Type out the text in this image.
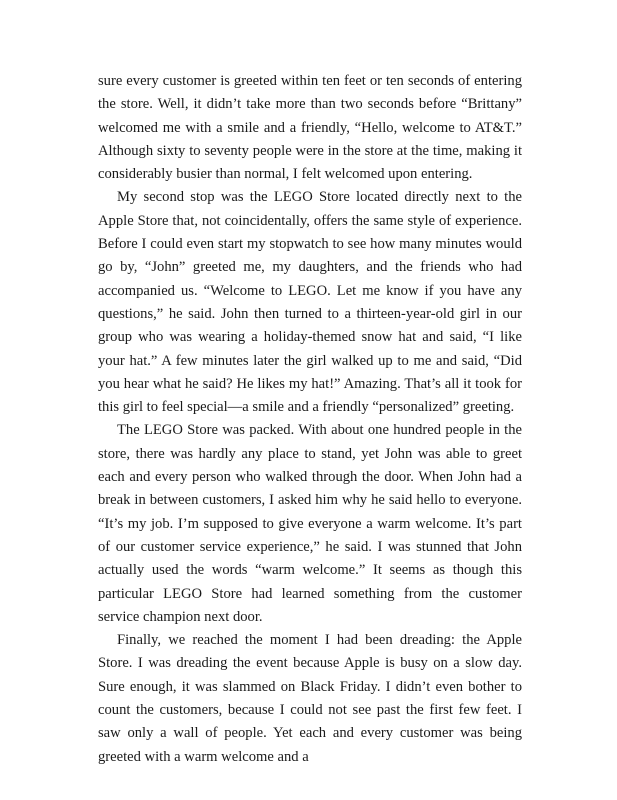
sure every customer is greeted within ten feet or ten seconds of entering the store. Well, it didn’t take more than two seconds before “Brittany” welcomed me with a smile and a friendly, “Hello, welcome to AT&T.” Although sixty to seventy people were in the store at the time, making it considerably busier than normal, I felt welcomed upon entering.

My second stop was the LEGO Store located directly next to the Apple Store that, not coincidentally, offers the same style of experience. Before I could even start my stopwatch to see how many minutes would go by, “John” greeted me, my daughters, and the friends who had accompanied us. “Welcome to LEGO. Let me know if you have any questions,” he said. John then turned to a thirteen-year-old girl in our group who was wearing a holiday-themed snow hat and said, “I like your hat.” A few minutes later the girl walked up to me and said, “Did you hear what he said? He likes my hat!” Amazing. That’s all it took for this girl to feel special—a smile and a friendly “personalized” greeting.

The LEGO Store was packed. With about one hundred people in the store, there was hardly any place to stand, yet John was able to greet each and every person who walked through the door. When John had a break in between customers, I asked him why he said hello to everyone. “It’s my job. I’m supposed to give everyone a warm welcome. It’s part of our customer service experience,” he said. I was stunned that John actually used the words “warm welcome.” It seems as though this particular LEGO Store had learned something from the customer service champion next door.

Finally, we reached the moment I had been dreading: the Apple Store. I was dreading the event because Apple is busy on a slow day. Sure enough, it was slammed on Black Friday. I didn’t even bother to count the customers, because I could not see past the first few feet. I saw only a wall of people. Yet each and every customer was being greeted with a warm welcome and a
